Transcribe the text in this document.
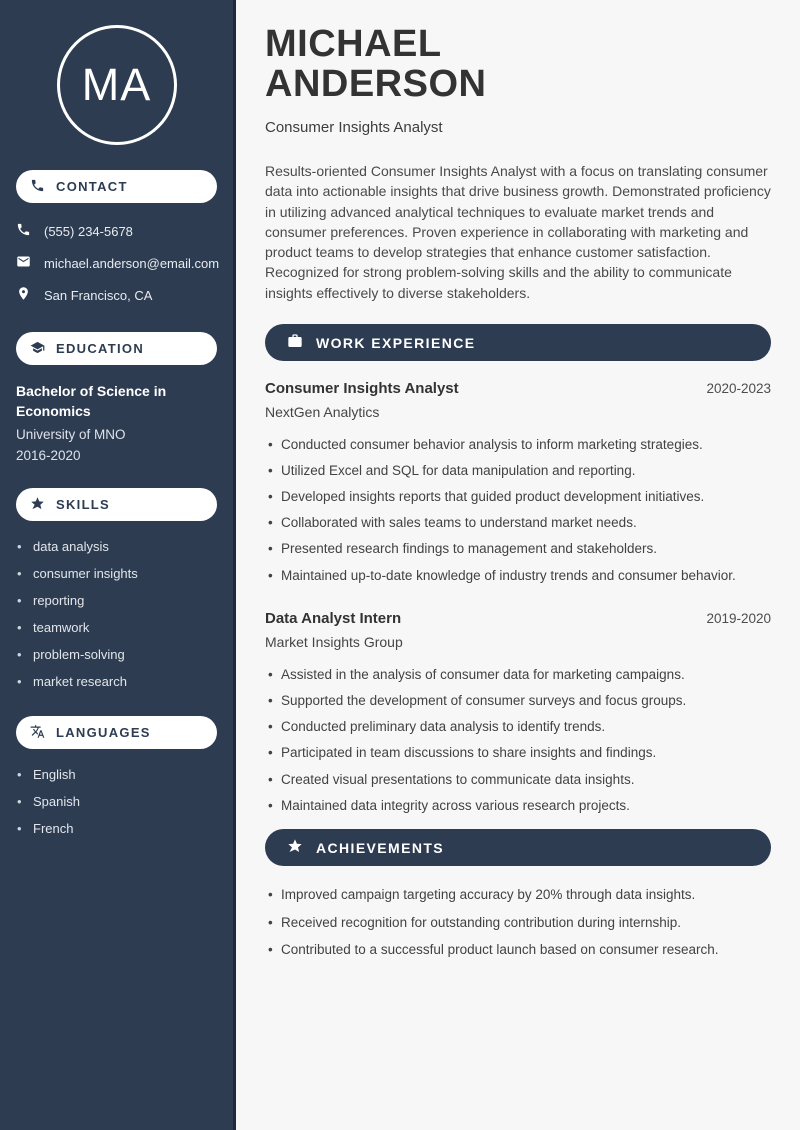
MA
CONTACT
(555) 234-5678
michael.anderson@email.com
San Francisco, CA
EDUCATION
Bachelor of Science in Economics
University of MNO
2016-2020
SKILLS
• data analysis
• consumer insights
• reporting
• teamwork
• problem-solving
• market research
LANGUAGES
• English
• Spanish
• French
MICHAEL
ANDERSON
Consumer Insights Analyst

Results-oriented Consumer Insights Analyst with a focus on translating consumer data into actionable insights that drive business growth. Demonstrated proficiency in utilizing advanced analytical techniques to evaluate market trends and consumer preferences. Proven experience in collaborating with marketing and product teams to develop strategies that enhance customer satisfaction. Recognized for strong problem-solving skills and the ability to communicate insights effectively to diverse stakeholders.

WORK EXPERIENCE
Consumer Insights Analyst	2020-2023
NextGen Analytics
• Conducted consumer behavior analysis to inform marketing strategies.
• Utilized Excel and SQL for data manipulation and reporting.
• Developed insights reports that guided product development initiatives.
• Collaborated with sales teams to understand market needs.
• Presented research findings to management and stakeholders.
• Maintained up-to-date knowledge of industry trends and consumer behavior.
Data Analyst Intern	2019-2020
Market Insights Group
• Assisted in the analysis of consumer data for marketing campaigns.
• Supported the development of consumer surveys and focus groups.
• Conducted preliminary data analysis to identify trends.
• Participated in team discussions to share insights and findings.
• Created visual presentations to communicate data insights.
• Maintained data integrity across various research projects.
ACHIEVEMENTS
• Improved campaign targeting accuracy by 20% through data insights.
• Received recognition for outstanding contribution during internship.
• Contributed to a successful product launch based on consumer research.
